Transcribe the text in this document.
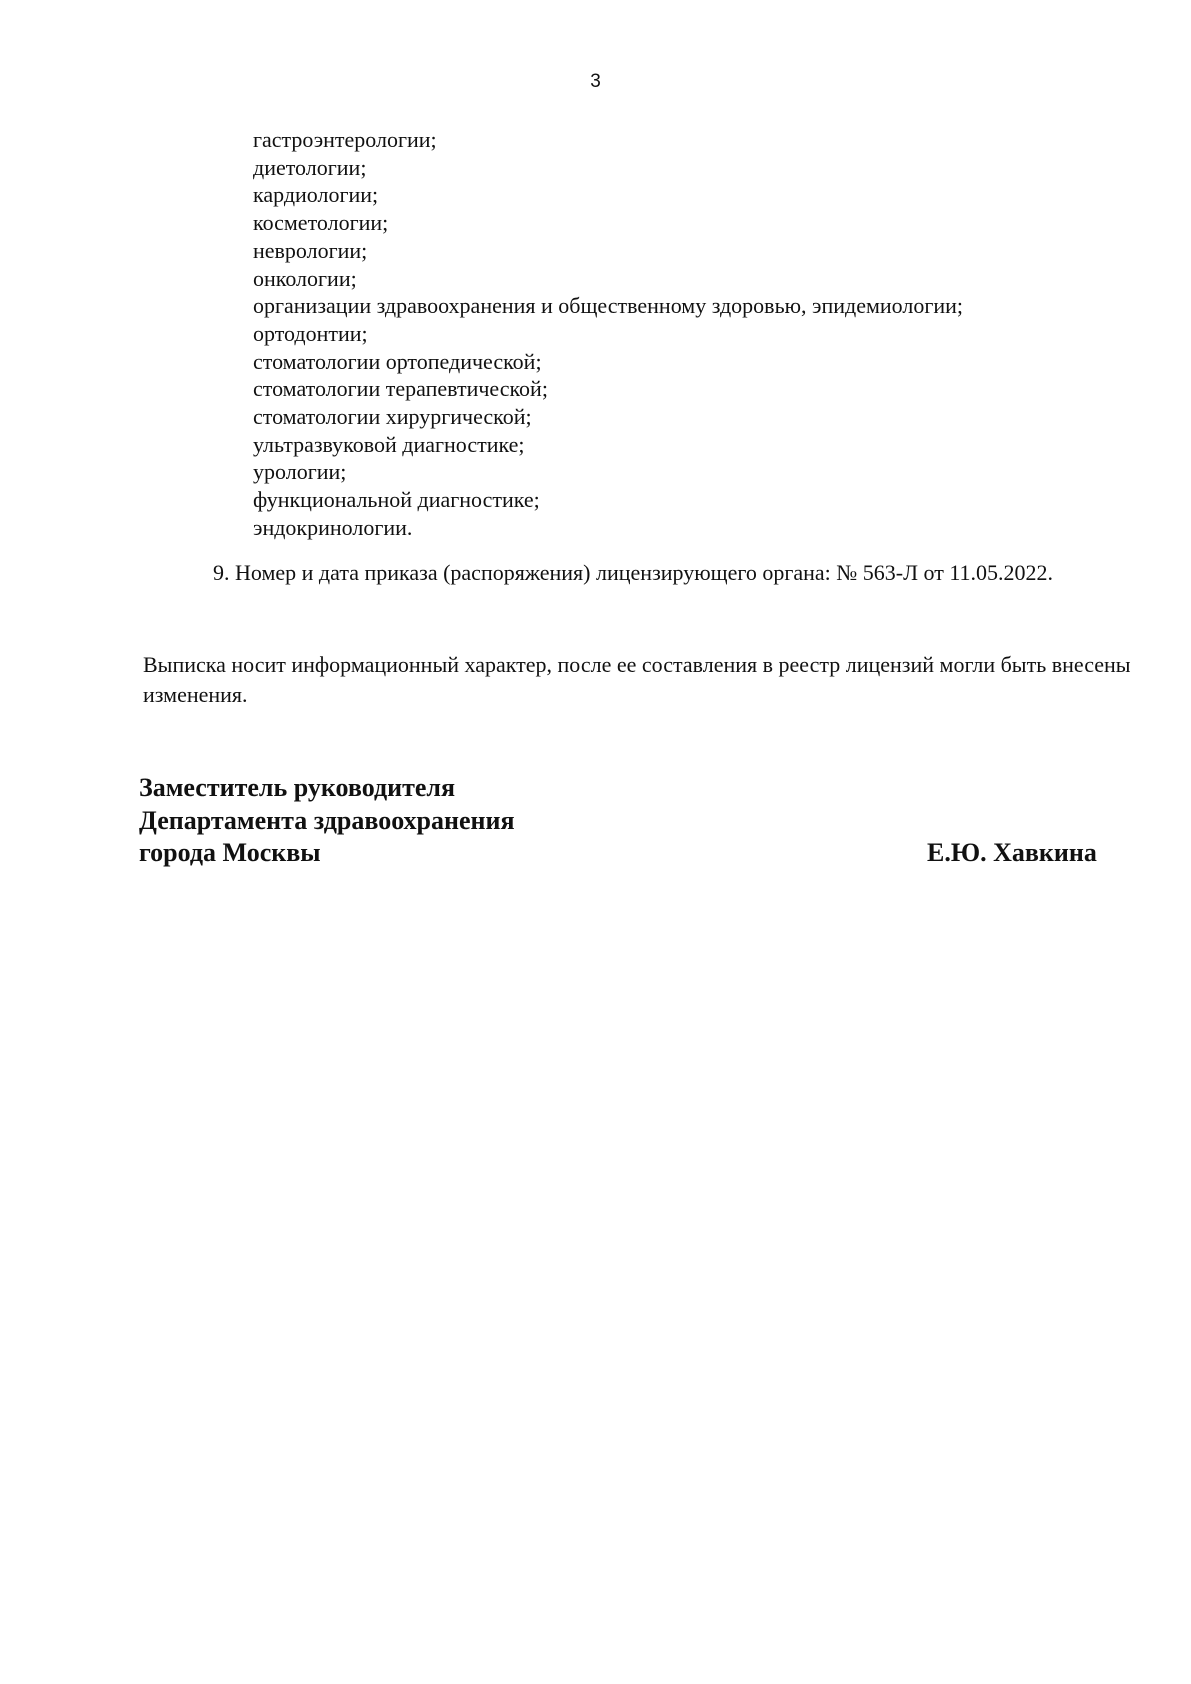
3
гастроэнтерологии;
диетологии;
кардиологии;
косметологии;
неврологии;
онкологии;
организации здравоохранения и общественному здоровью, эпидемиологии;
ортодонтии;
стоматологии ортопедической;
стоматологии терапевтической;
стоматологии хирургической;
ультразвуковой диагностике;
урологии;
функциональной диагностике;
эндокринологии.
9. Номер и дата приказа (распоряжения) лицензирующего органа: № 563-Л от 11.05.2022.

Выписка носит информационный характер, после ее составления в реестр лицензий могли быть внесены изменения.

Заместитель руководителя
Департамента здравоохранения
города Москвы	Е.Ю. Хавкина
